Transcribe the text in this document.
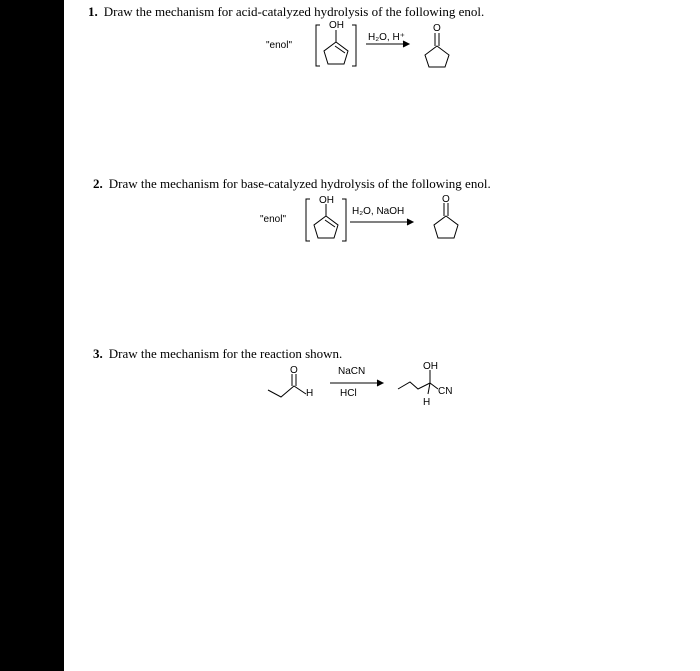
1. Draw the mechanism for acid-catalyzed hydrolysis of the following enol.
"enol"
2. Draw the mechanism for base-catalyzed hydrolysis of the following enol.
"enol"
3. Draw the mechanism for the reaction shown.
OH
H₂O, H⁺
O
OH
H₂O, NaOH
O
O
H
NaCN
HCl
OH
CN
H
